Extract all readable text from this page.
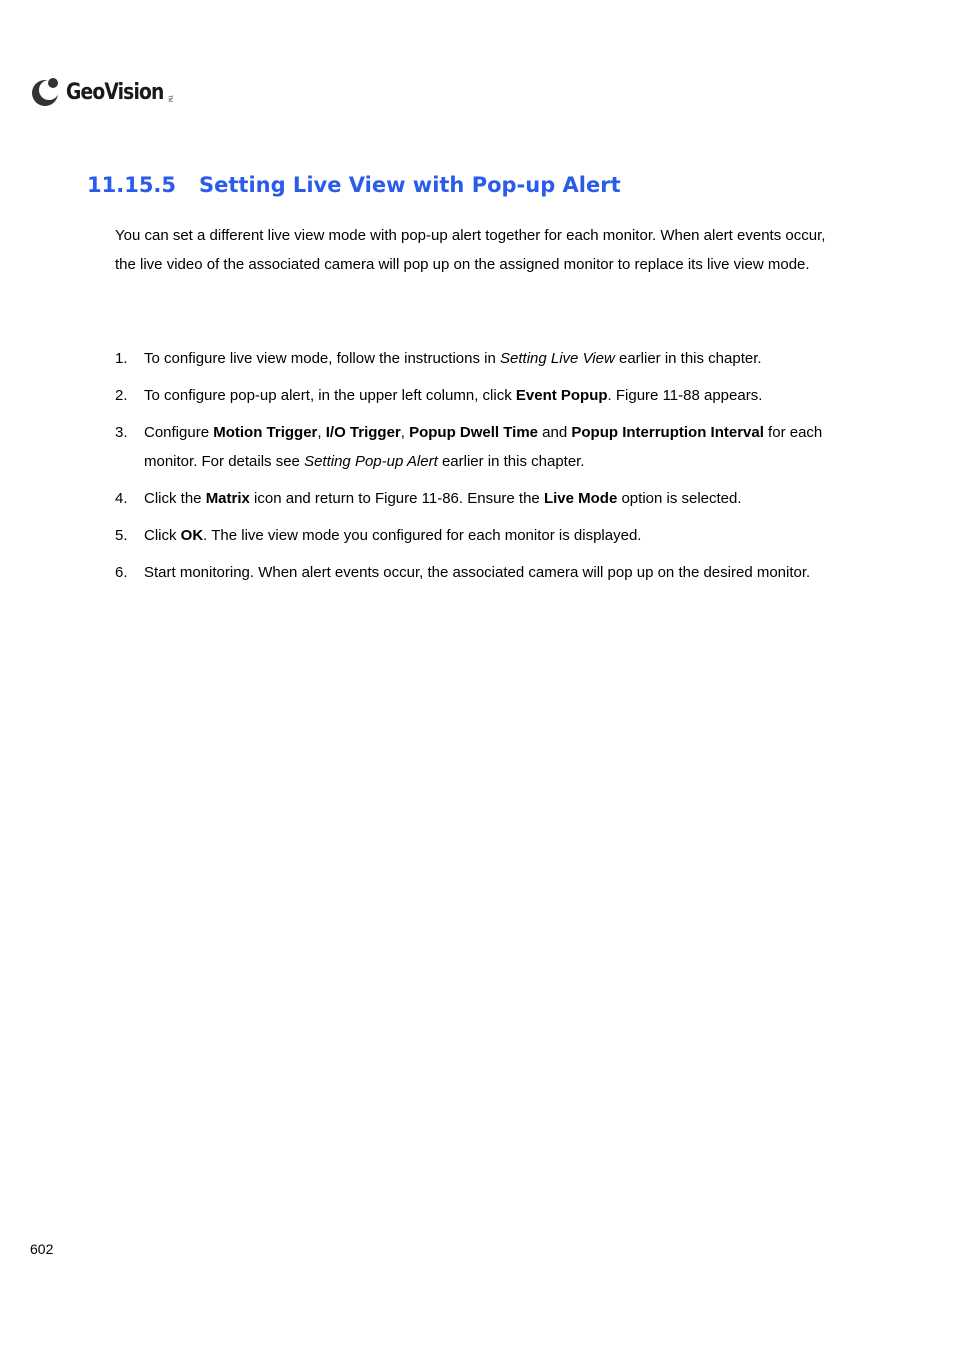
GeoVision TM
11.15.5 Setting Live View with Pop-up Alert

You can set a different live view mode with pop-up alert together for each monitor. When alert events occur, the live video of the associated camera will pop up on the assigned monitor to replace its live view mode.

1.	To configure live view mode, follow the instructions in Setting Live View earlier in this chapter.
2.	To configure pop-up alert, in the upper left column, click Event Popup. Figure 11-88 appears.
3.	Configure Motion Trigger, I/O Trigger, Popup Dwell Time and Popup Interruption Interval for each monitor. For details see Setting Pop-up Alert earlier in this chapter.
4.	Click the Matrix icon and return to Figure 11-86. Ensure the Live Mode option is selected.
5.	Click OK. The live view mode you configured for each monitor is displayed.
6.	Start monitoring. When alert events occur, the associated camera will pop up on the desired monitor.
602
